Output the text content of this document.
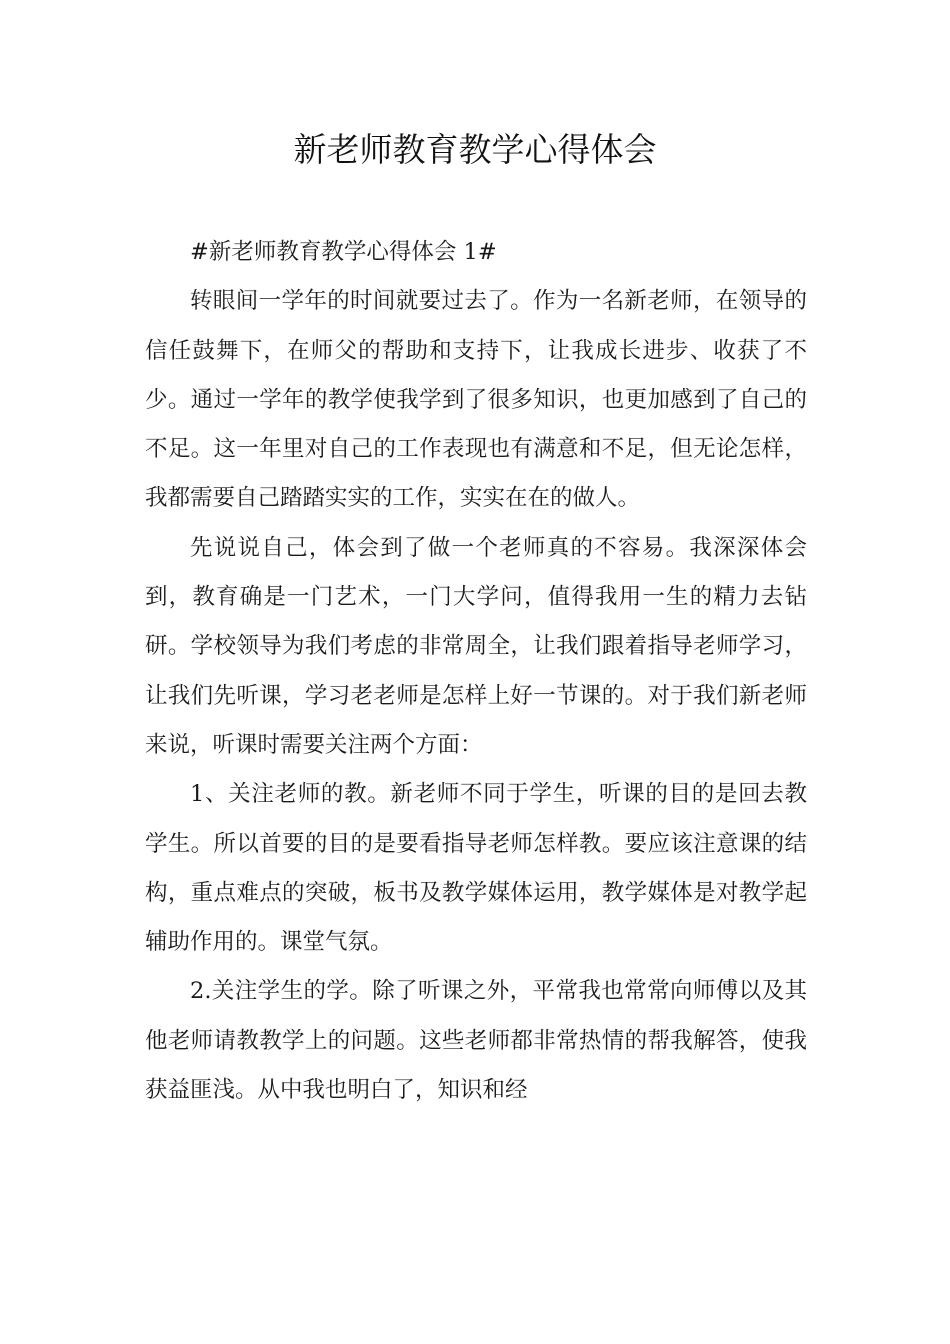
新老师教育教学心得体会

#新老师教育教学心得体会 1#

转眼间一学年的时间就要过去了。作为一名新老师，在领导的信任鼓舞下，在师父的帮助和支持下，让我成长进步、收获了不少。通过一学年的教学使我学到了很多知识，也更加感到了自己的不足。这一年里对自己的工作表现也有满意和不足，但无论怎样，我都需要自己踏踏实实的工作，实实在在的做人。

先说说自己，体会到了做一个老师真的不容易。我深深体会到，教育确是一门艺术，一门大学问，值得我用一生的精力去钻研。学校领导为我们考虑的非常周全，让我们跟着指导老师学习，让我们先听课，学习老老师是怎样上好一节课的。对于我们新老师来说，听课时需要关注两个方面：

1、关注老师的教。新老师不同于学生，听课的目的是回去教学生。所以首要的目的是要看指导老师怎样教。要应该注意课的结构，重点难点的突破，板书及教学媒体运用，教学媒体是对教学起辅助作用的。课堂气氛。

2.关注学生的学。除了听课之外，平常我也常常向师傅以及其他老师请教教学上的问题。这些老师都非常热情的帮我解答，使我获益匪浅。从中我也明白了，知识和经
